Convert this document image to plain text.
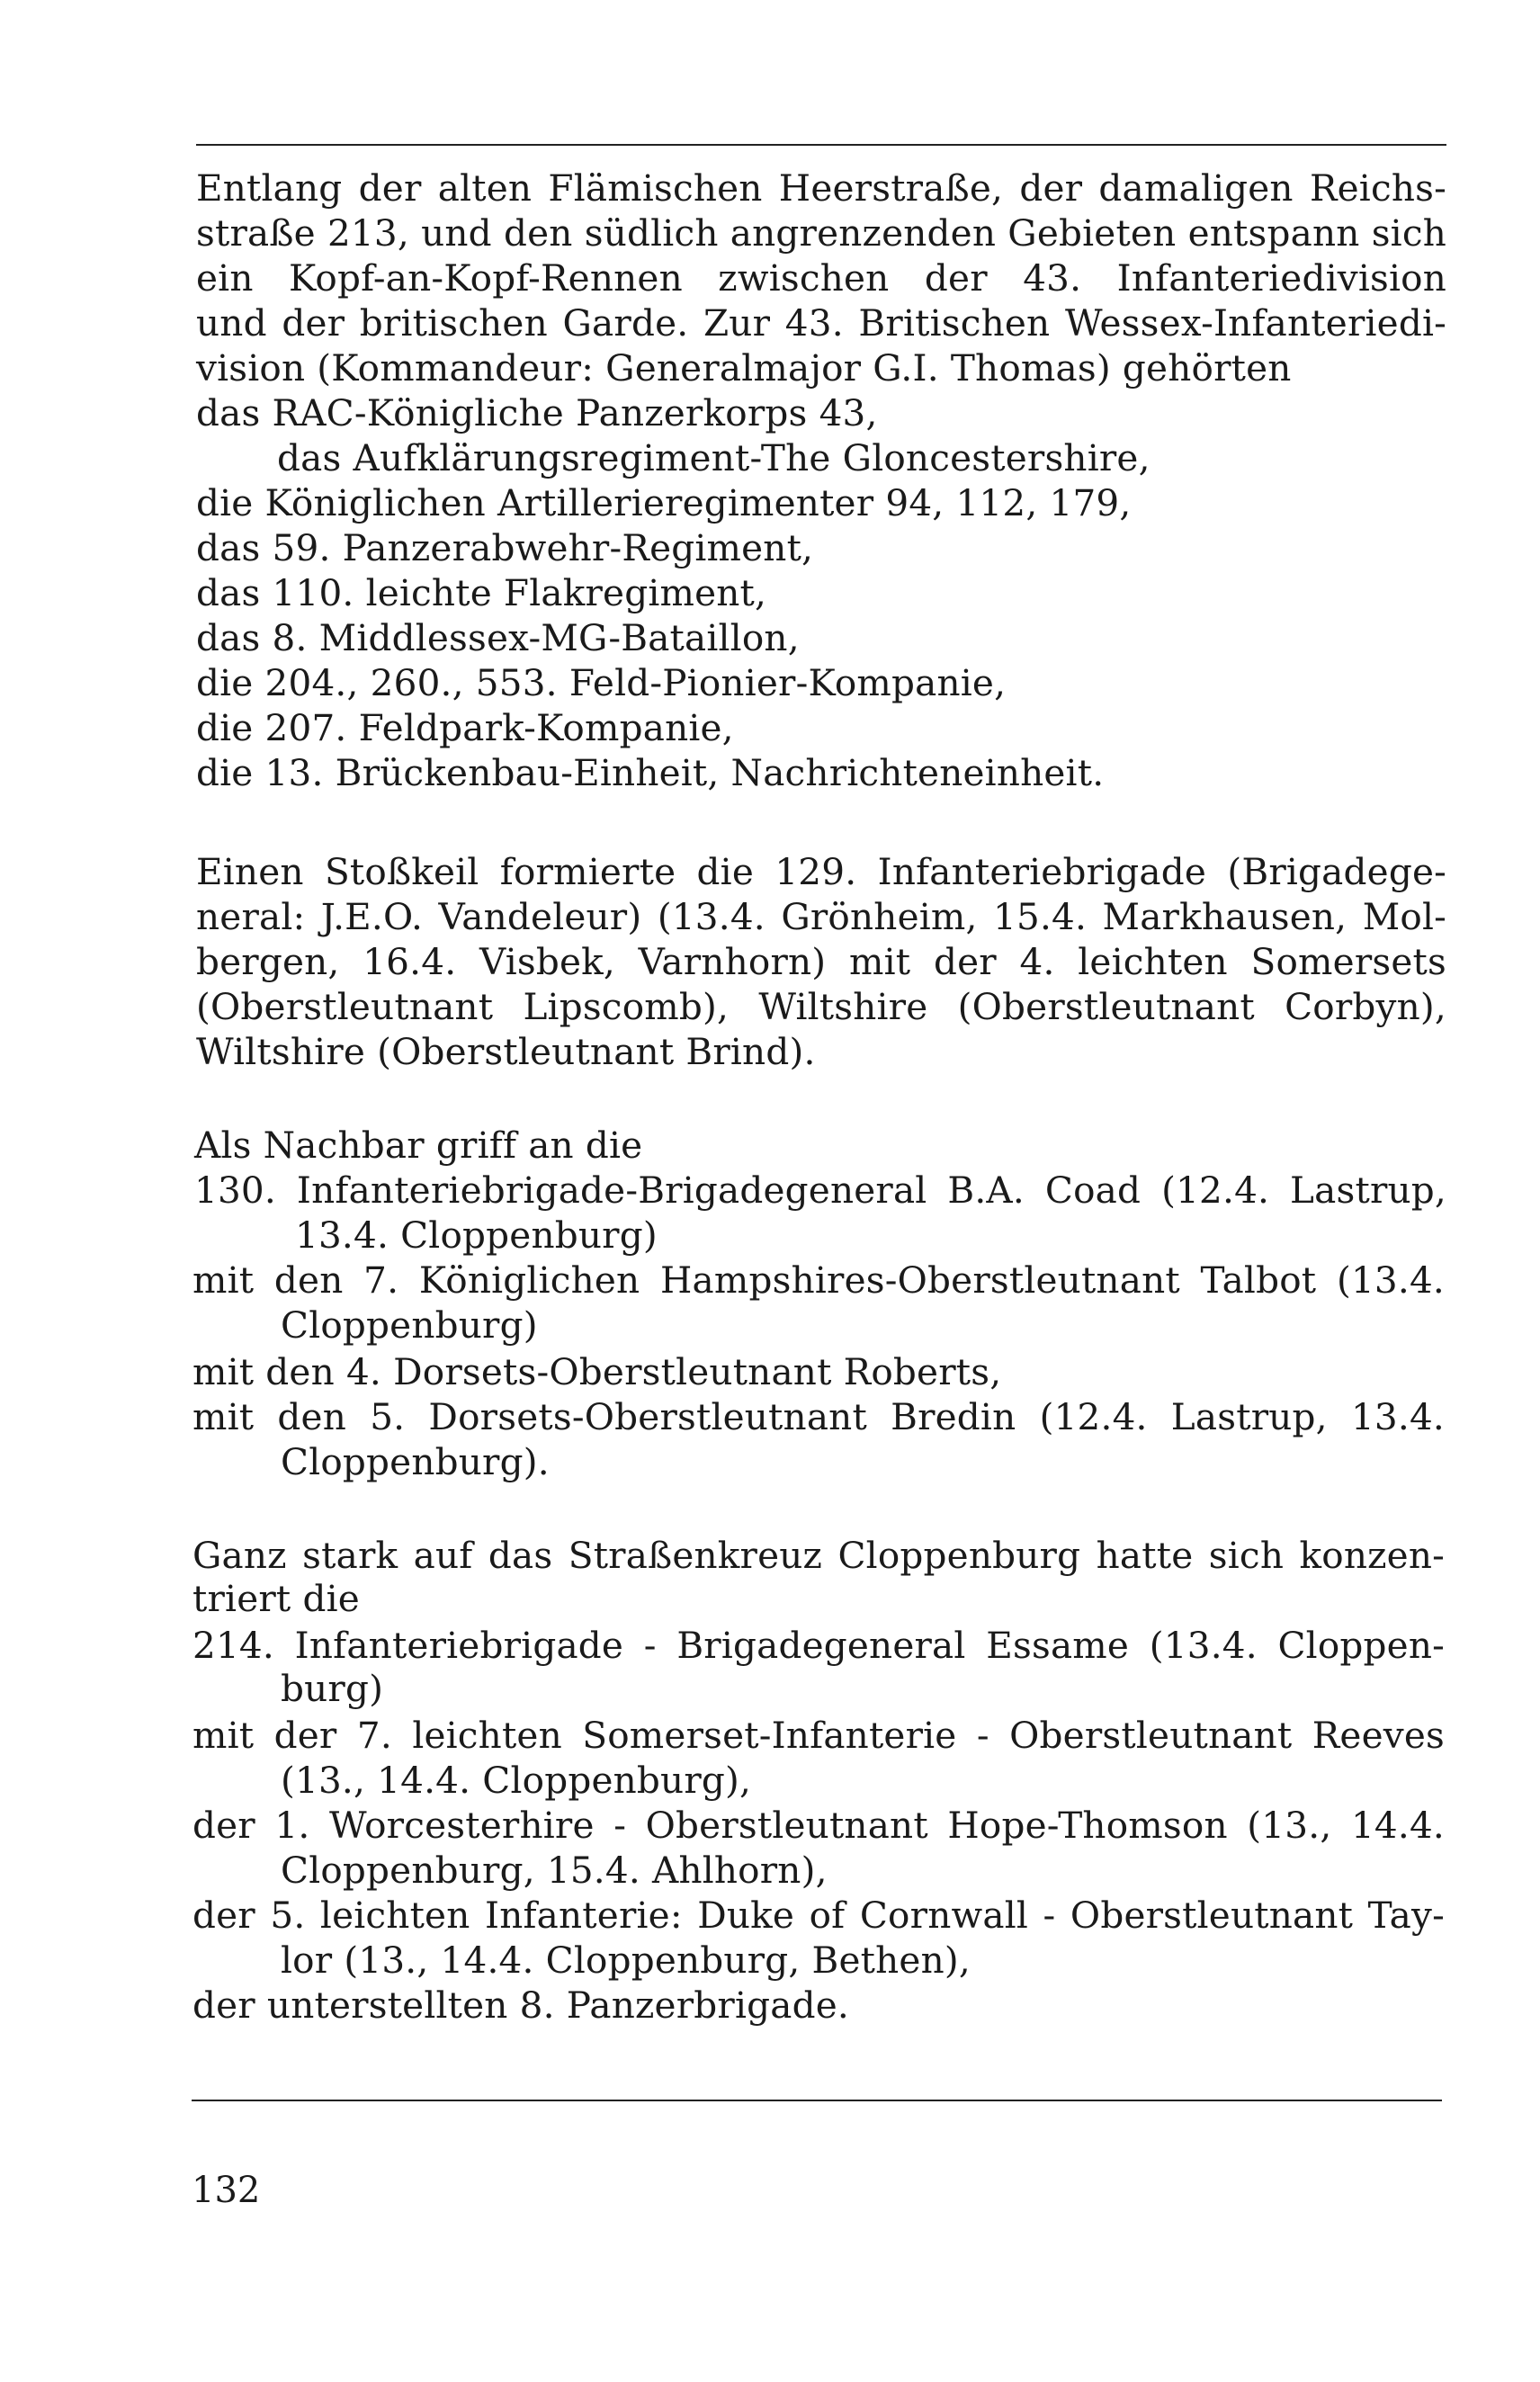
Entlang der alten Flämischen Heerstraße, der damaligen Reichs-
straße 213, und den südlich angrenzenden Gebieten entspann sich
ein Kopf-an-Kopf-Rennen zwischen der 43. Infanteriedivision
und der britischen Garde. Zur 43. Britischen Wessex-Infanteriedi-
vision (Kommandeur: Generalmajor G.I. Thomas) gehörten
das RAC-Königliche Panzerkorps 43,
das Aufklärungsregiment-The Gloncestershire,
die Königlichen Artillerieregimenter 94, 112, 179,
das 59. Panzerabwehr-Regiment,
das 110. leichte Flakregiment,
das 8. Middlessex-MG-Bataillon,
die 204., 260., 553. Feld-Pionier-Kompanie,
die 207. Feldpark-Kompanie,
die 13. Brückenbau-Einheit, Nachrichteneinheit.
Einen Stoßkeil formierte die 129. Infanteriebrigade (Brigadege-
neral: J.E.O. Vandeleur) (13.4. Grönheim, 15.4. Markhausen, Mol-
bergen, 16.4. Visbek, Varnhorn) mit der 4. leichten Somersets
(Oberstleutnant Lipscomb), Wiltshire (Oberstleutnant Corbyn),
Wiltshire (Oberstleutnant Brind).
Als Nachbar griff an die
130. Infanteriebrigade-Brigadegeneral B.A. Coad (12.4. Lastrup,
13.4. Cloppenburg)
mit den 7. Königlichen Hampshires-Oberstleutnant Talbot (13.4.
Cloppenburg)
mit den 4. Dorsets-Oberstleutnant Roberts,
mit den 5. Dorsets-Oberstleutnant Bredin (12.4. Lastrup, 13.4.
Cloppenburg).
Ganz stark auf das Straßenkreuz Cloppenburg hatte sich konzen-
triert die
214. Infanteriebrigade - Brigadegeneral Essame (13.4. Cloppen-
burg)
mit der 7. leichten Somerset-Infanterie - Oberstleutnant Reeves
(13., 14.4. Cloppenburg),
der 1. Worcesterhire - Oberstleutnant Hope-Thomson (13., 14.4.
Cloppenburg, 15.4. Ahlhorn),
der 5. leichten Infanterie: Duke of Cornwall - Oberstleutnant Tay-
lor (13., 14.4. Cloppenburg, Bethen),
der unterstellten 8. Panzerbrigade.
132
